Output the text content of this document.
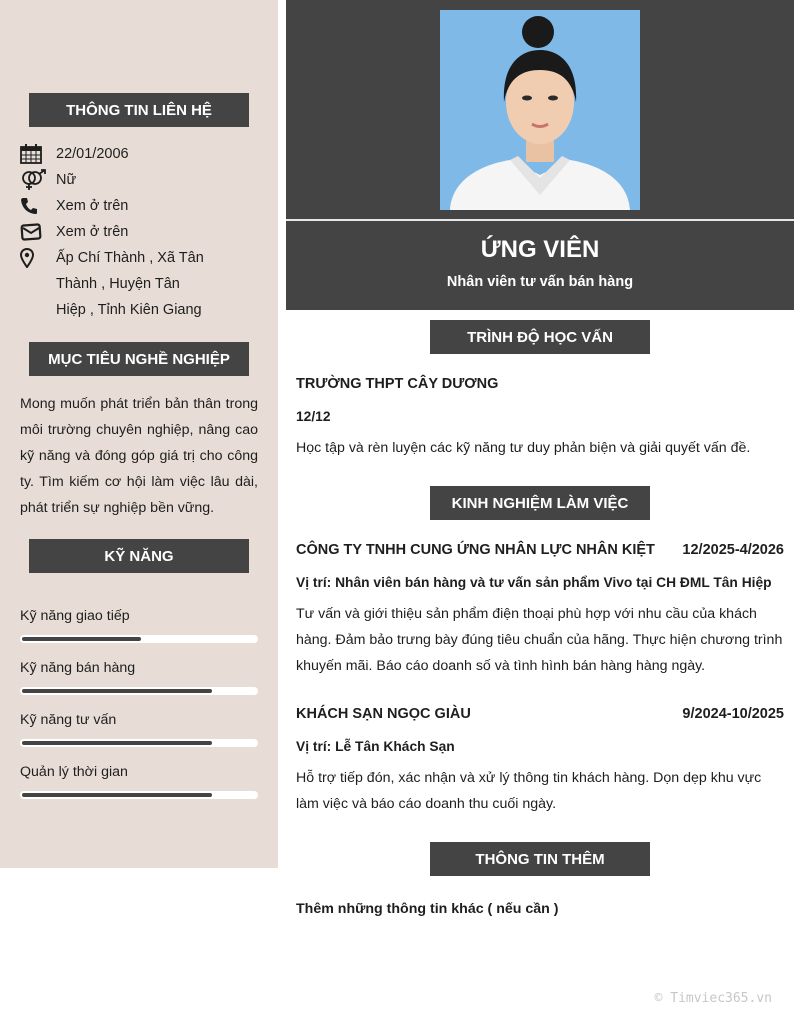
THÔNG TIN LIÊN HỆ
22/01/2006
Nữ
Xem ở trên
Xem ở trên
Ấp Chí Thành , Xã Tân
Thành , Huyện Tân
Hiệp , Tỉnh Kiên Giang
MỤC TIÊU NGHỀ NGHIỆP
Mong muốn phát triển bản thân trong môi trường chuyên nghiệp, nâng cao kỹ năng và đóng góp giá trị cho công ty. Tìm kiếm cơ hội làm việc lâu dài, phát triển sự nghiệp bền vững.
KỸ NĂNG
Kỹ năng giao tiếp
Kỹ năng bán hàng
Kỹ năng tư vấn
Quản lý thời gian
ỨNG VIÊN
Nhân viên tư vấn bán hàng
TRÌNH ĐỘ HỌC VẤN
TRƯỜNG THPT CÂY DƯƠNG
12/12
Học tập và rèn luyện các kỹ năng tư duy phản biện và giải quyết vấn đề.
KINH NGHIỆM LÀM VIỆC
CÔNG TY TNHH CUNG ỨNG NHÂN LỰC NHÂN KIỆT 12/2025-4/2026
Vị trí: Nhân viên bán hàng và tư vấn sản phẩm Vivo tại CH ĐML Tân Hiệp
Tư vấn và giới thiệu sản phẩm điện thoại phù hợp với nhu cầu của khách hàng. Đảm bảo trưng bày đúng tiêu chuẩn của hãng. Thực hiện chương trình khuyến mãi. Báo cáo doanh số và tình hình bán hàng hàng ngày.
KHÁCH SẠN NGỌC GIÀU	9/2024-10/2025
Vị trí: Lễ Tân Khách Sạn
Hỗ trợ tiếp đón, xác nhận và xử lý thông tin khách hàng. Dọn dẹp khu vực làm việc và báo cáo doanh thu cuối ngày.
THÔNG TIN THÊM
Thêm những thông tin khác ( nếu cần )
© Timviec365.vn
